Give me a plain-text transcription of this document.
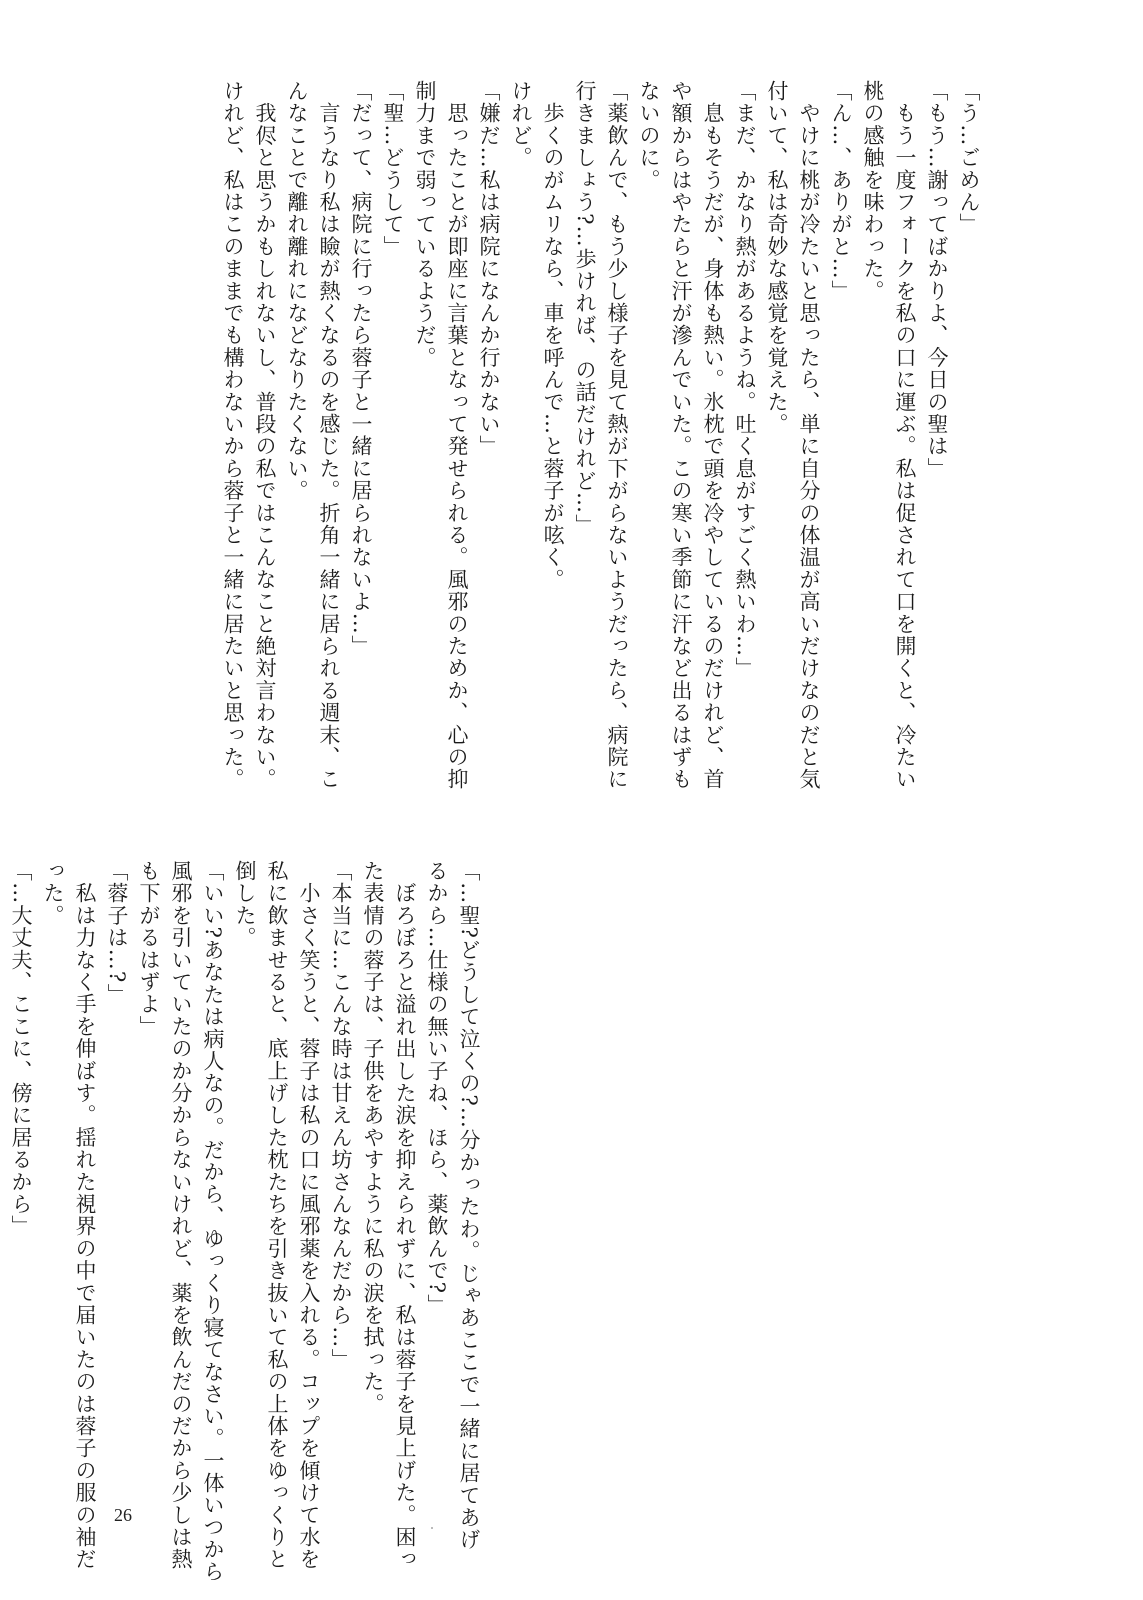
「う…ごめん」
「もう…謝ってばかりよ、今日の聖は」
　もう一度フォークを私の口に運ぶ。私は促されて口を開くと、冷たい
桃の感触を味わった。
「ん…、ありがと…」
　やけに桃が冷たいと思ったら、単に自分の体温が高いだけなのだと気
付いて、私は奇妙な感覚を覚えた。
「まだ、かなり熱があるようね。吐く息がすごく熱いわ…」
　息もそうだが、身体も熱い。氷枕で頭を冷やしているのだけれど、首
や額からはやたらと汗が滲んでいた。この寒い季節に汗など出るはずも
ないのに。
「薬飲んで、もう少し様子を見て熱が下がらないようだったら、病院に
行きましょう?…歩ければ、の話だけれど…」
　歩くのがムリなら、車を呼んで…と蓉子が呟く。
けれど。
「嫌だ…私は病院になんか行かない」
　思ったことが即座に言葉となって発せられる。風邪のためか、心の抑
制力まで弱っているようだ。
「聖…どうして」
「だって、病院に行ったら蓉子と一緒に居られないよ…」
　言うなり私は瞼が熱くなるのを感じた。折角一緒に居られる週末、こ
んなことで離れ離れになどなりたくない。
　我侭と思うかもしれないし、普段の私ではこんなこと絶対言わない。
けれど、私はこのままでも構わないから蓉子と一緒に居たいと思った。
「…聖?どうして泣くの?…分かったわ。じゃあここで一緒に居てあげ
るから…仕様の無い子ね、ほら、薬飲んで?」
　ぼろぼろと溢れ出した涙を抑えられずに、私は蓉子を見上げた。困っ
た表情の蓉子は、子供をあやすように私の涙を拭った。
「本当に…こんな時は甘えん坊さんなんだから…」
　小さく笑うと、蓉子は私の口に風邪薬を入れる。コップを傾けて水を
私に飲ませると、底上げした枕たちを引き抜いて私の上体をゆっくりと
倒した。
「いい?あなたは病人なの。だから、ゆっくり寝てなさい。一体いつから
風邪を引いていたのか分からないけれど、薬を飲んだのだから少しは熱
も下がるはずよ」
「蓉子は…?」
　私は力なく手を伸ばす。揺れた視界の中で届いたのは蓉子の服の袖だ
った。
「…大丈夫、ここに、傍に居るから」
26
